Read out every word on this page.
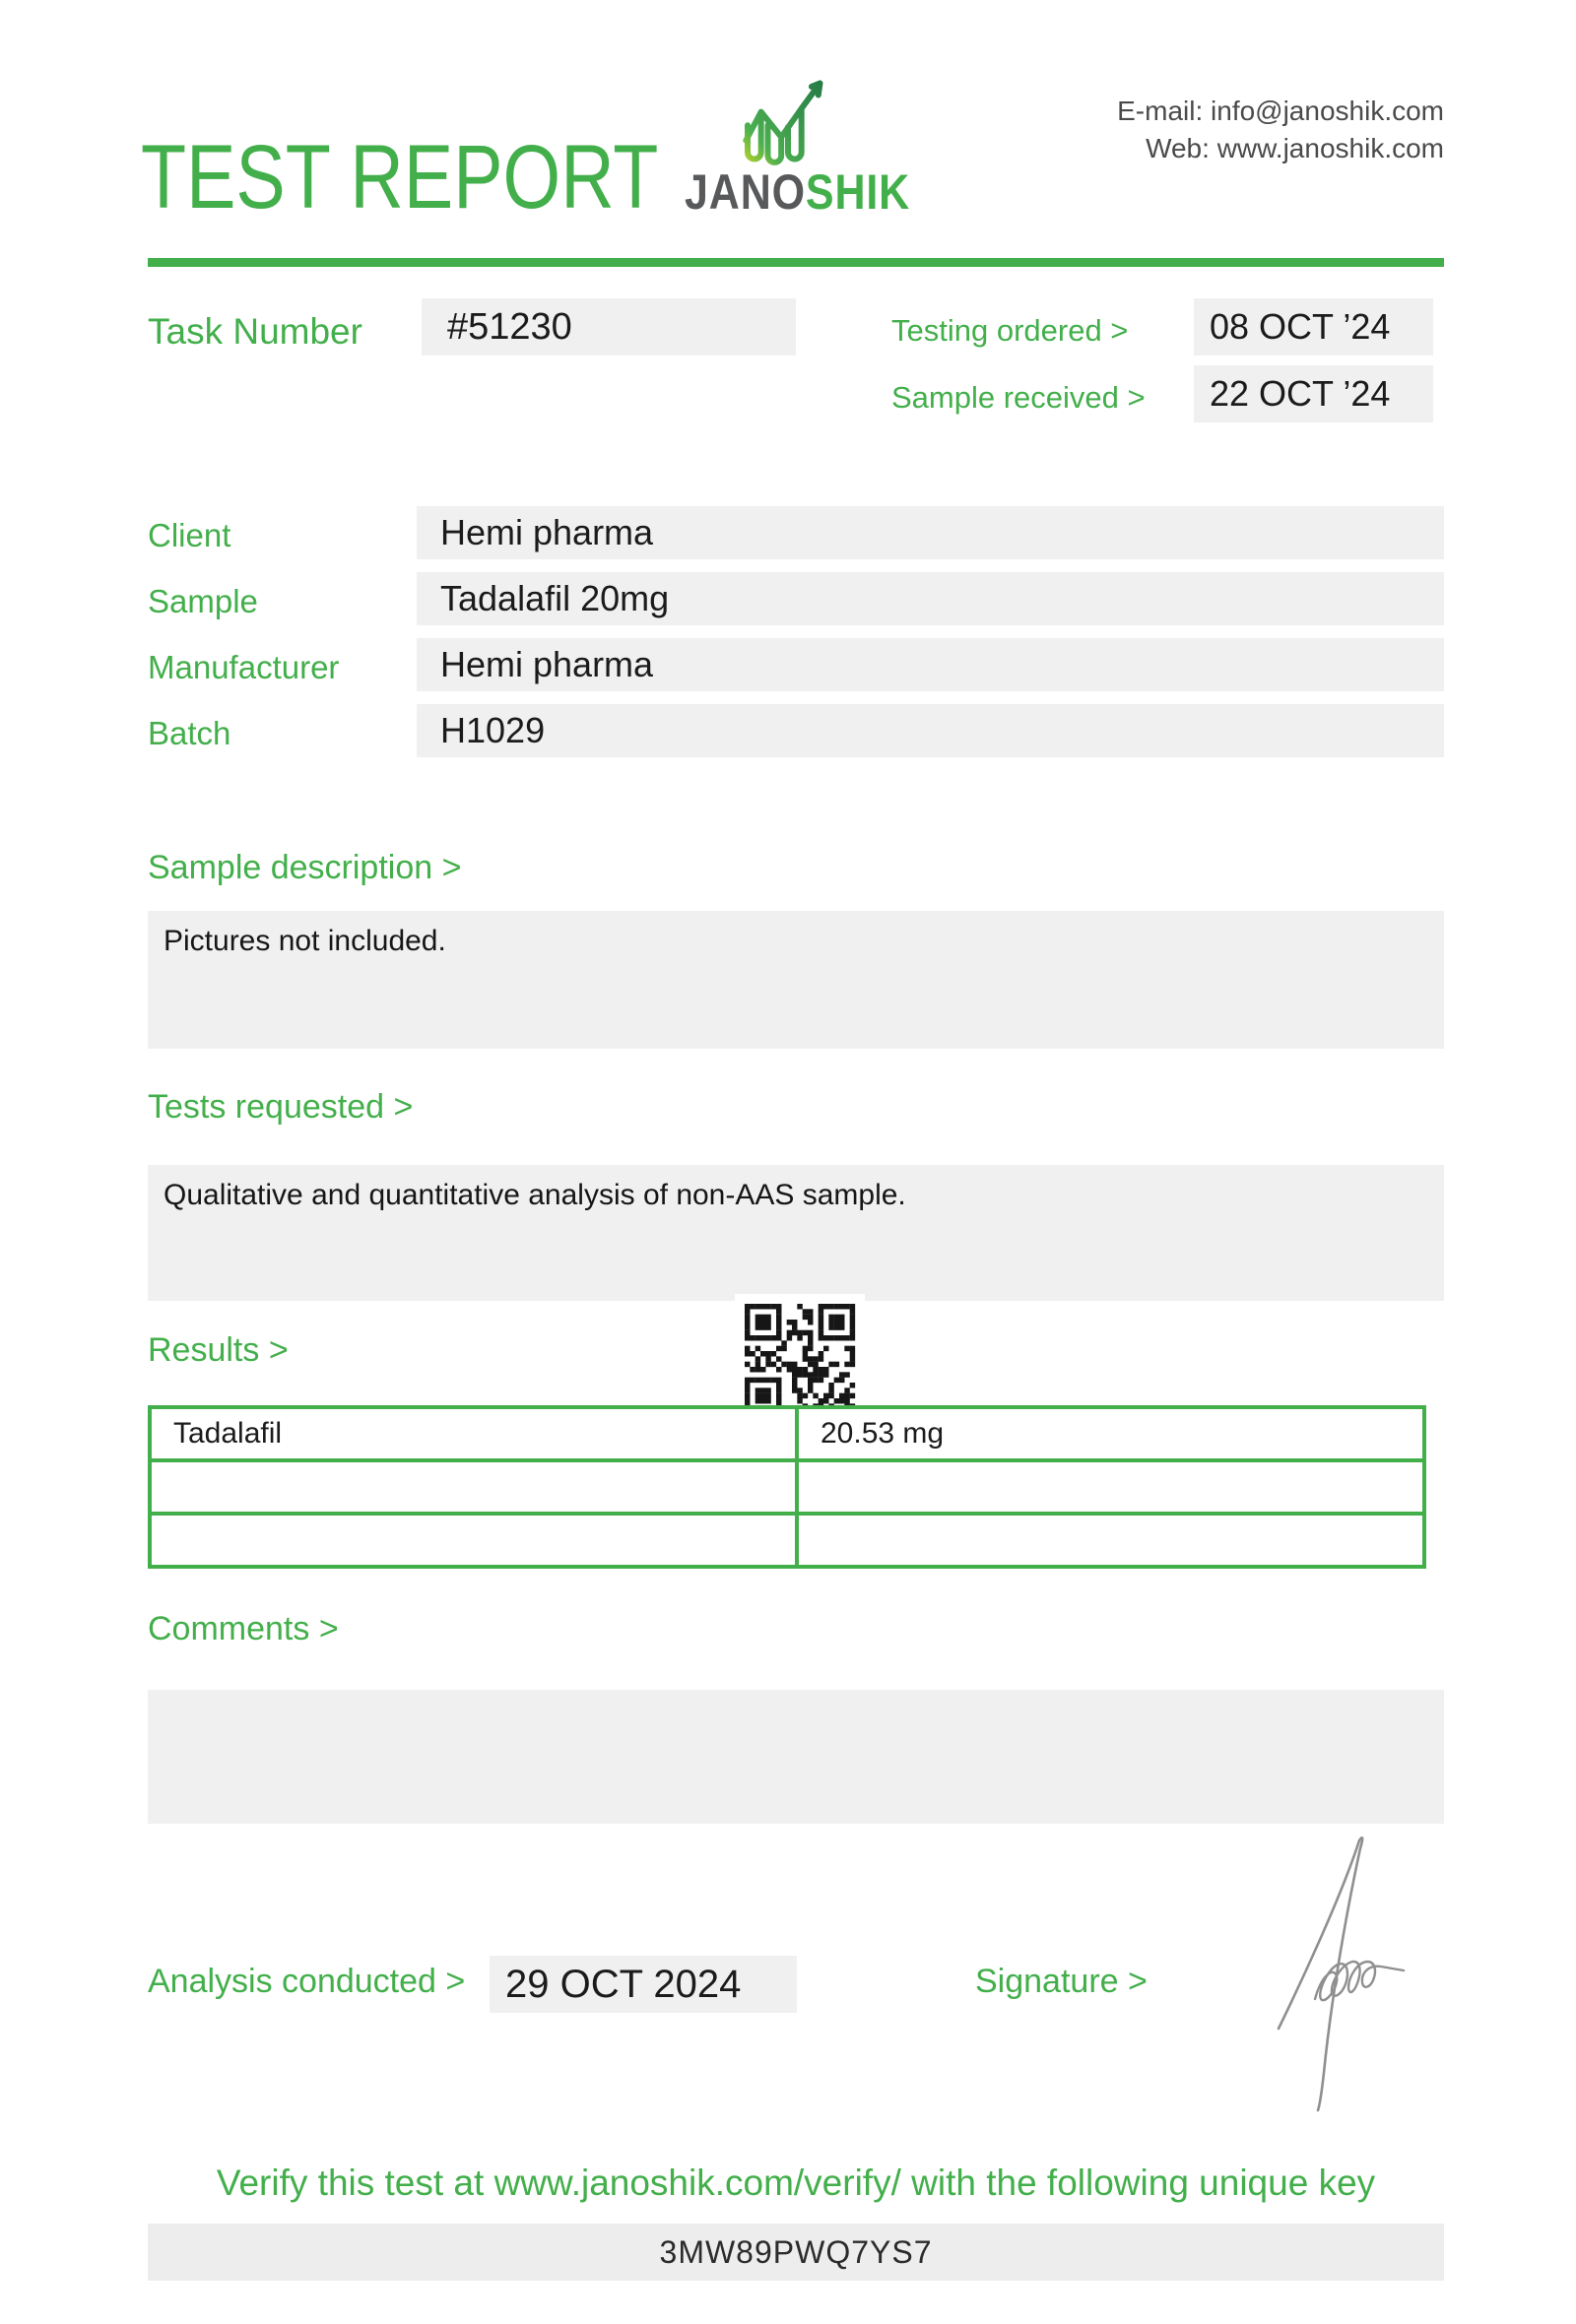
TEST REPORT JANOSHIK
E-mail: info@janoshik.com
Web: www.janoshik.com
Task Number	#51230	Testing ordered >	08 OCT ’24
Sample received >	22 OCT ’24
Client	Hemi pharma
Sample	Tadalafil 20mg
Manufacturer	Hemi pharma
Batch	H1029
Sample description >
Pictures not included.
Tests requested >
Qualitative and quantitative analysis of non-AAS sample.
Results >
Tadalafil	20.53 mg
Comments >
Analysis conducted >	29 OCT 2024	Signature >
Verify this test at www.janoshik.com/verify/ with the following unique key
3MW89PWQ7YS7
